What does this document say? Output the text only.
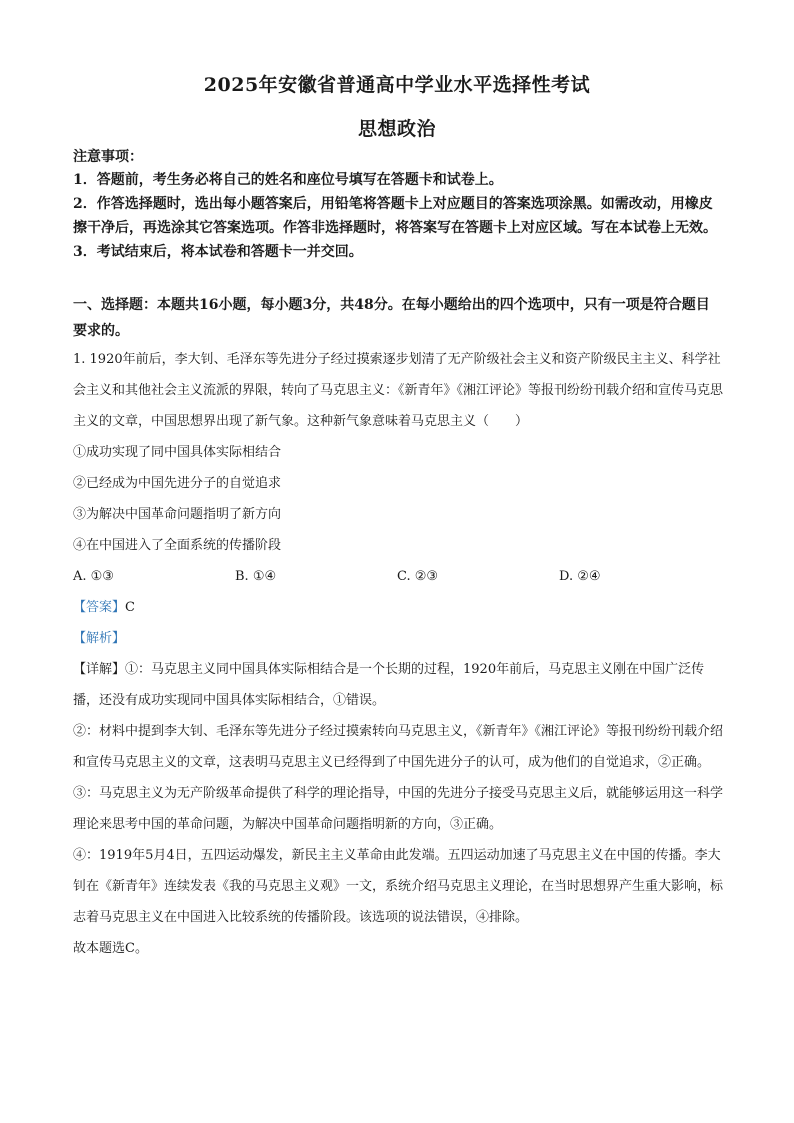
2025年安徽省普通高中学业水平选择性考试
思想政治

注意事项：

1．答题前，考生务必将自己的姓名和座位号填写在答题卡和试卷上。

2．作答选择题时，选出每小题答案后，用铅笔将答题卡上对应题目的答案选项涂黑。如需改动，用橡皮擦干净后，再选涂其它答案选项。作答非选择题时，将答案写在答题卡上对应区域。写在本试卷上无效。

3．考试结束后，将本试卷和答题卡一并交回。

一、选择题：本题共16小题，每小题3分，共48分。在每小题给出的四个选项中，只有一项是符合题目要求的。

1. 1920年前后，李大钊、毛泽东等先进分子经过摸索逐步划清了无产阶级社会主义和资产阶级民主主义、科学社会主义和其他社会主义流派的界限，转向了马克思主义：《新青年》《湘江评论》等报刊纷纷刊载介绍和宣传马克思主义的文章，中国思想界出现了新气象。这种新气象意味着马克思主义（　　）

①成功实现了同中国具体实际相结合

②已经成为中国先进分子的自觉追求

③为解决中国革命问题指明了新方向

④在中国进入了全面系统的传播阶段

A. ①③	B. ①④	C. ②③	D. ②④

【答案】C

【解析】

【详解】①：马克思主义同中国具体实际相结合是一个长期的过程，1920年前后，马克思主义刚在中国广泛传播，还没有成功实现同中国具体实际相结合，①错误。

②：材料中提到李大钊、毛泽东等先进分子经过摸索转向马克思主义，《新青年》《湘江评论》等报刊纷纷刊载介绍和宣传马克思主义的文章，这表明马克思主义已经得到了中国先进分子的认可，成为他们的自觉追求，②正确。

③：马克思主义为无产阶级革命提供了科学的理论指导，中国的先进分子接受马克思主义后，就能够运用这一科学理论来思考中国的革命问题，为解决中国革命问题指明新的方向，③正确。

④：1919年5月4日，五四运动爆发，新民主主义革命由此发端。五四运动加速了马克思主义在中国的传播。李大钊在《新青年》连续发表《我的马克思主义观》一文，系统介绍马克思主义理论，在当时思想界产生重大影响，标志着马克思主义在中国进入比较系统的传播阶段。该选项的说法错误，④排除。

故本题选C。
